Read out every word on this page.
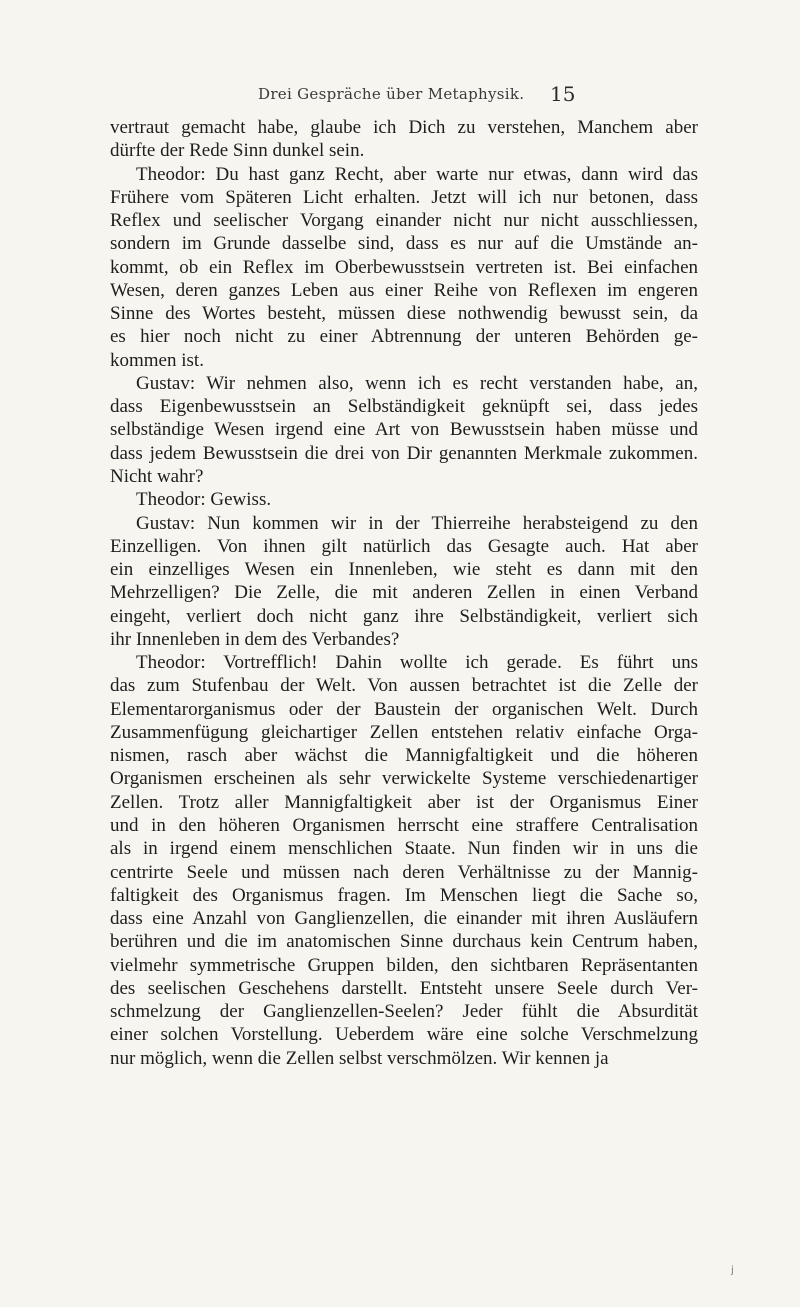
Drei Gespräche über Metaphysik. 15
vertraut gemacht habe, glaube ich Dich zu verstehen, Manchem aber
dürfte der Rede Sinn dunkel sein.
Theodor: Du hast ganz Recht, aber warte nur etwas, dann wird das
Frühere vom Späteren Licht erhalten. Jetzt will ich nur betonen, dass
Reflex und seelischer Vorgang einander nicht nur nicht ausschliessen,
sondern im Grunde dasselbe sind, dass es nur auf die Umstände an-
kommt, ob ein Reflex im Oberbewusstsein vertreten ist. Bei einfachen
Wesen, deren ganzes Leben aus einer Reihe von Reflexen im engeren
Sinne des Wortes besteht, müssen diese nothwendig bewusst sein, da
es hier noch nicht zu einer Abtrennung der unteren Behörden ge-
kommen ist.
Gustav: Wir nehmen also, wenn ich es recht verstanden habe, an,
dass Eigenbewusstsein an Selbständigkeit geknüpft sei, dass jedes
selbständige Wesen irgend eine Art von Bewusstsein haben müsse und
dass jedem Bewusstsein die drei von Dir genannten Merkmale zukommen.
Nicht wahr?
Theodor: Gewiss.
Gustav: Nun kommen wir in der Thierreihe herabsteigend zu den
Einzelligen. Von ihnen gilt natürlich das Gesagte auch. Hat aber
ein einzelliges Wesen ein Innenleben, wie steht es dann mit den
Mehrzelligen? Die Zelle, die mit anderen Zellen in einen Verband
eingeht, verliert doch nicht ganz ihre Selbständigkeit, verliert sich
ihr Innenleben in dem des Verbandes?
Theodor: Vortrefflich! Dahin wollte ich gerade. Es führt uns
das zum Stufenbau der Welt. Von aussen betrachtet ist die Zelle der
Elementarorganismus oder der Baustein der organischen Welt. Durch
Zusammenfügung gleichartiger Zellen entstehen relativ einfache Orga-
nismen, rasch aber wächst die Mannigfaltigkeit und die höheren
Organismen erscheinen als sehr verwickelte Systeme verschiedenartiger
Zellen. Trotz aller Mannigfaltigkeit aber ist der Organismus Einer
und in den höheren Organismen herrscht eine straffere Centralisation
als in irgend einem menschlichen Staate. Nun finden wir in uns die
centrirte Seele und müssen nach deren Verhältnisse zu der Mannig-
faltigkeit des Organismus fragen. Im Menschen liegt die Sache so,
dass eine Anzahl von Ganglienzellen, die einander mit ihren Ausläufern
berühren und die im anatomischen Sinne durchaus kein Centrum haben,
vielmehr symmetrische Gruppen bilden, den sichtbaren Repräsentanten
des seelischen Geschehens darstellt. Entsteht unsere Seele durch Ver-
schmelzung der Ganglienzellen-Seelen? Jeder fühlt die Absurdität
einer solchen Vorstellung. Ueberdem wäre eine solche Verschmelzung
nur möglich, wenn die Zellen selbst verschmölzen. Wir kennen ja
j
